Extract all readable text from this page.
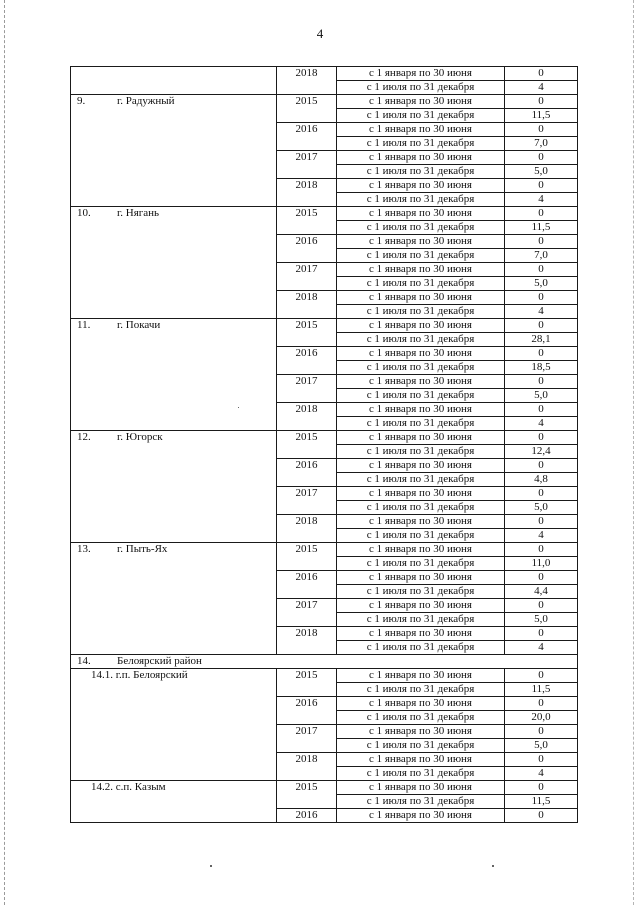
4
	2018	с 1 января по 30 июня	0
		с 1 июля по 31 декабря	4
9. г. Радужный	2015	с 1 января по 30 июня	0
		с 1 июля по 31 декабря	11,5
	2016	с 1 января по 30 июня	0
		с 1 июля по 31 декабря	7,0
	2017	с 1 января по 30 июня	0
		с 1 июля по 31 декабря	5,0
	2018	с 1 января по 30 июня	0
		с 1 июля по 31 декабря	4
10. г. Нягань	2015	с 1 января по 30 июня	0
		с 1 июля по 31 декабря	11,5
	2016	с 1 января по 30 июня	0
		с 1 июля по 31 декабря	7,0
	2017	с 1 января по 30 июня	0
		с 1 июля по 31 декабря	5,0
	2018	с 1 января по 30 июня	0
		с 1 июля по 31 декабря	4
11. г. Покачи	2015	с 1 января по 30 июня	0
		с 1 июля по 31 декабря	28,1
	2016	с 1 января по 30 июня	0
		с 1 июля по 31 декабря	18,5
	2017	с 1 января по 30 июня	0
		с 1 июля по 31 декабря	5,0
	2018	с 1 января по 30 июня	0
		с 1 июля по 31 декабря	4
12. г. Югорск	2015	с 1 января по 30 июня	0
		с 1 июля по 31 декабря	12,4
	2016	с 1 января по 30 июня	0
		с 1 июля по 31 декабря	4,8
	2017	с 1 января по 30 июня	0
		с 1 июля по 31 декабря	5,0
	2018	с 1 января по 30 июня	0
		с 1 июля по 31 декабря	4
13. г. Пыть-Ях	2015	с 1 января по 30 июня	0
		с 1 июля по 31 декабря	11,0
	2016	с 1 января по 30 июня	0
		с 1 июля по 31 декабря	4,4
	2017	с 1 января по 30 июня	0
		с 1 июля по 31 декабря	5,0
	2018	с 1 января по 30 июня	0
		с 1 июля по 31 декабря	4
14. Белоярский район			
14.1. г.п. Белоярский	2015	с 1 января по 30 июня	0
		с 1 июля по 31 декабря	11,5
	2016	с 1 января по 30 июня	0
		с 1 июля по 31 декабря	20,0
	2017	с 1 января по 30 июня	0
		с 1 июля по 31 декабря	5,0
	2018	с 1 января по 30 июня	0
		с 1 июля по 31 декабря	4
14.2. с.п. Казым	2015	с 1 января по 30 июня	0
		с 1 июля по 31 декабря	11,5
	2016	с 1 января по 30 июня	0
